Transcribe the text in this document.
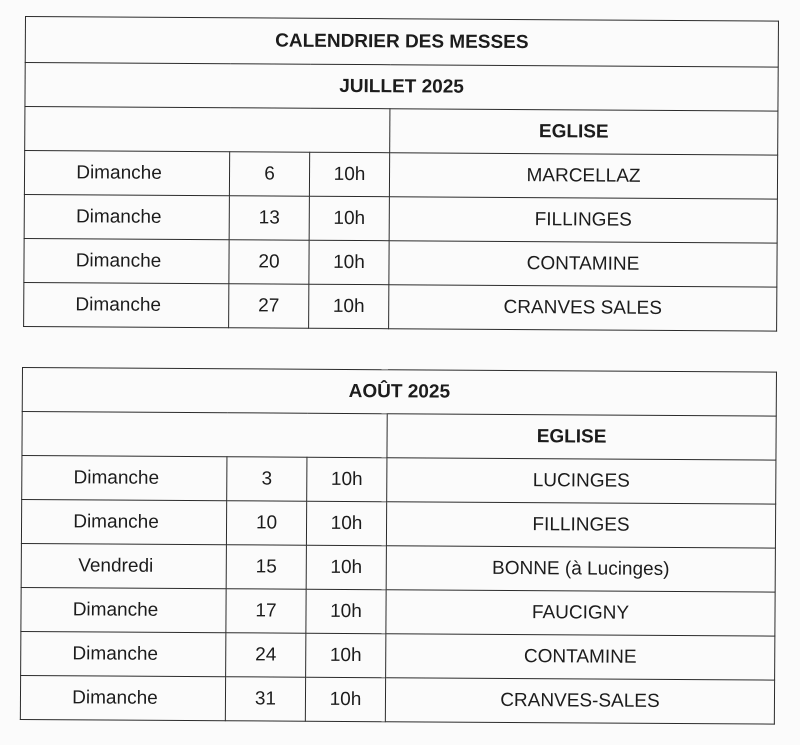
CALENDRIER DES MESSES			
JUILLET 2025			
			EGLISE
Dimanche	6	10h	MARCELLAZ
Dimanche	13	10h	FILLINGES
Dimanche	20	10h	CONTAMINE
Dimanche	27	10h	CRANVES SALES
AOÛT 2025			
			EGLISE
Dimanche	3	10h	LUCINGES
Dimanche	10	10h	FILLINGES
Vendredi	15	10h	BONNE (à Lucinges)
Dimanche	17	10h	FAUCIGNY
Dimanche	24	10h	CONTAMINE
Dimanche	31	10h	CRANVES-SALES
